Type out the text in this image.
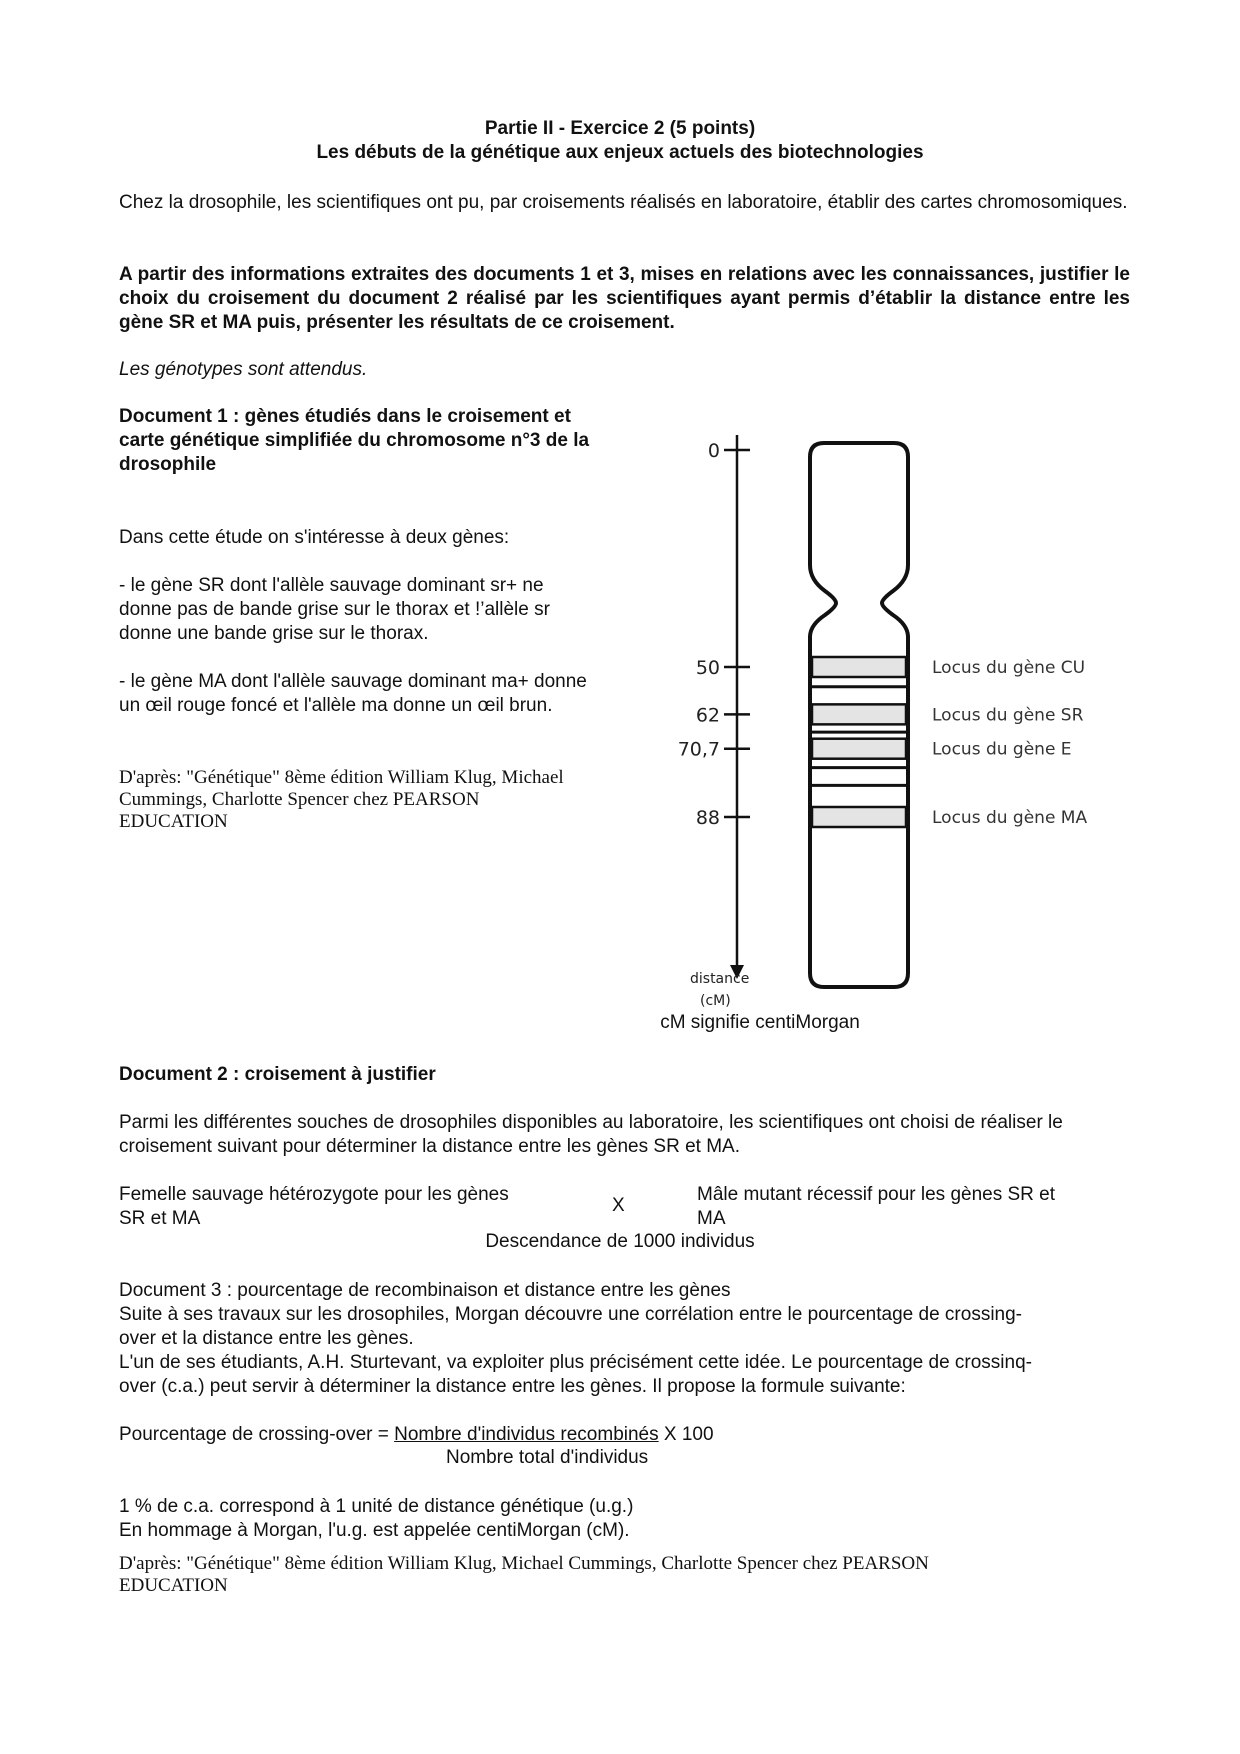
Partie II - Exercice 2 (5 points)
Les débuts de la génétique aux enjeux actuels des biotechnologies
Chez la drosophile, les scientifiques ont pu, par croisements réalisés en laboratoire, établir des cartes chromosomiques.
A partir des informations extraites des documents 1 et 3, mises en relations avec les connaissances, justifier le choix du croisement du document 2 réalisé par les scientifiques ayant permis d’établir la distance entre les gène SR et MA puis, présenter les résultats de ce croisement.
Les génotypes sont attendus.
Document 1 : gènes étudiés dans le croisement et
carte génétique simplifiée du chromosome n°3 de la
drosophile
Dans cette étude on s'intéresse à deux gènes:
- le gène SR dont l'allèle sauvage dominant sr+ ne
donne pas de bande grise sur le thorax et !’allèle sr
donne une bande grise sur le thorax.
- le gène MA dont l'allèle sauvage dominant ma+ donne
un œil rouge foncé et l'allèle ma donne un œil brun.
D'après: "Génétique" 8ème édition William Klug, Michael
Cummings, Charlotte Spencer chez PEARSON
EDUCATION
0
50
62
70,7
88
distance
(cM)
Locus du gène CU
Locus du gène SR
Locus du gène E
Locus du gène MA
cM signifie centiMorgan
Document 2 : croisement à justifier
Parmi les différentes souches de drosophiles disponibles au laboratoire, les scientifiques ont choisi de réaliser le croisement suivant pour déterminer la distance entre les gènes SR et MA.
Femelle sauvage hétérozygote pour les gènes
SR et MA
X
Mâle mutant récessif pour les gènes SR et
MA
Descendance de 1000 individus
Document 3 : pourcentage de recombinaison et distance entre les gènes
Suite à ses travaux sur les drosophiles, Morgan découvre une corrélation entre le pourcentage de crossing-
over et la distance entre les gènes.
L'un de ses étudiants, A.H. Sturtevant, va exploiter plus précisément cette idée. Le pourcentage de crossinq-
over (c.a.) peut servir à déterminer la distance entre les gènes. Il propose la formule suivante:
Pourcentage de crossing-over = Nombre d'individus recombinés X 100
Nombre total d'individus
1 % de c.a. correspond à 1 unité de distance génétique (u.g.)
En hommage à Morgan, l'u.g. est appelée centiMorgan (cM).
D'après: "Génétique" 8ème édition William Klug, Michael Cummings, Charlotte Spencer chez PEARSON
EDUCATION
